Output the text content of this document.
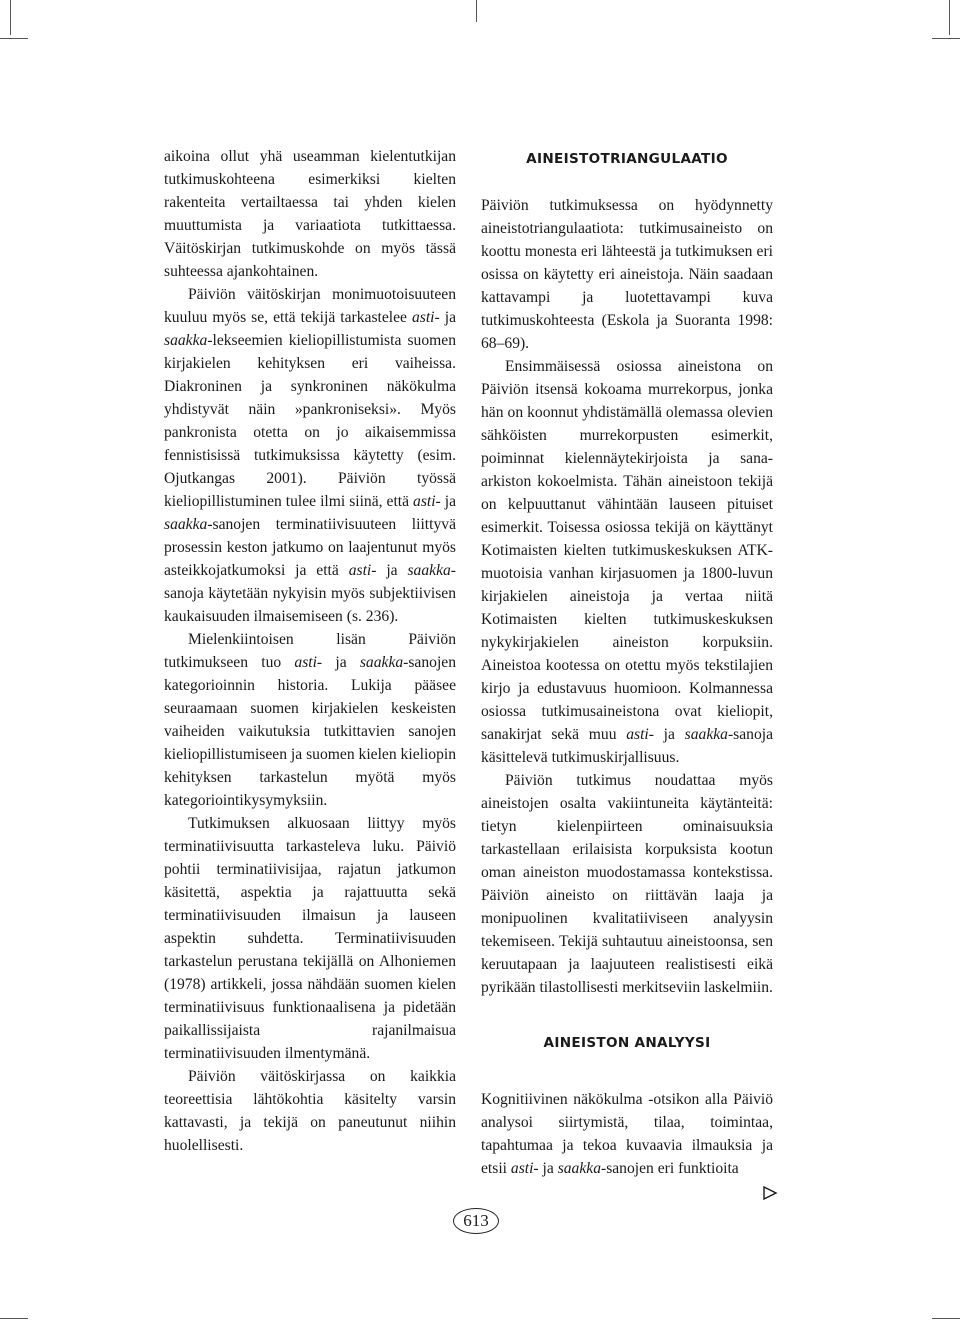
aikoina ollut yhä useamman kielentutkijan tutkimuskohteena esimerkiksi kielten rakenteita vertailtaessa tai yhden kielen muuttumista ja variaatiota tutkittaessa. Väitöskirjan tutkimuskohde on myös tässä suhteessa ajankohtainen.

Päiviön väitöskirjan monimuotoisuuteen kuuluu myös se, että tekijä tarkastelee asti- ja saakka-lekseemien kieliopillistumista suomen kirjakielen kehityksen eri vaiheissa. Diakroninen ja synkroninen näkökulma yhdistyvät näin »pankroniseksi». Myös pankronista otetta on jo aikaisemmissa fennistisissä tutkimuksissa käytetty (esim. Ojutkangas 2001). Päiviön työssä kieliopillistuminen tulee ilmi siinä, että asti- ja saakka-sanojen terminatiivisuuteen liittyvä prosessin keston jatkumo on laajentunut myös asteikkojatkumoksi ja että asti- ja saakka-sanoja käytetään nykyisin myös subjektiivisen kaukaisuuden ilmaisemiseen (s. 236).

Mielenkiintoisen lisän Päiviön tutkimukseen tuo asti- ja saakka-sanojen kategorioinnin historia. Lukija pääsee seuraamaan suomen kirjakielen keskeisten vaiheiden vaikutuksia tutkittavien sanojen kieliopillistumiseen ja suomen kielen kieliopin kehityksen tarkastelun myötä myös kategoriointikysymyksiin.

Tutkimuksen alkuosaan liittyy myös terminatiivisuutta tarkasteleva luku. Päiviö pohtii terminatiivisijaa, rajatun jatkumon käsitettä, aspektia ja rajattuutta sekä terminatiivisuuden ilmaisun ja lauseen aspektin suhdetta. Terminatiivisuuden tarkastelun perustana tekijällä on Alhoniemen (1978) artikkeli, jossa nähdään suomen kielen terminatiivisuus funktionaalisena ja pidetään paikallissijaista rajanilmaisua terminatiivisuuden ilmentymänä.

Päiviön väitöskirjassa on kaikkia teoreettisia lähtökohtia käsitelty varsin kattavasti, ja tekijä on paneutunut niihin huolellisesti.

AINEISTOTRIANGULAATIO

Päiviön tutkimuksessa on hyödynnetty aineistotriangulaatiota: tutkimusaineisto on koottu monesta eri lähteestä ja tutkimuksen eri osissa on käytetty eri aineistoja. Näin saadaan kattavampi ja luotettavampi kuva tutkimuskohteesta (Eskola ja Suoranta 1998: 68–69).

Ensimmäisessä osiossa aineistona on Päiviön itsensä kokoama murrekorpus, jonka hän on koonnut yhdistämällä olemassa olevien sähköisten murrekorpusten esimerkit, poiminnat kielennäytekirjoista ja sana-arkiston kokoelmista. Tähän aineistoon tekijä on kelpuuttanut vähintään lauseen pituiset esimerkit. Toisessa osiossa tekijä on käyttänyt Kotimaisten kielten tutkimuskeskuksen ATK-muotoisia vanhan kirjasuomen ja 1800-luvun kirjakielen aineistoja ja vertaa niitä Kotimaisten kielten tutkimuskeskuksen nykykirjakielen aineiston korpuksiin. Aineistoa kootessa on otettu myös tekstilajien kirjo ja edustavuus huomioon. Kolmannessa osiossa tutkimusaineistona ovat kieliopit, sanakirjat sekä muu asti- ja saakka-sanoja käsittelevä tutkimuskirjallisuus.

Päiviön tutkimus noudattaa myös aineistojen osalta vakiintuneita käytänteitä: tietyn kielenpiirteen ominaisuuksia tarkastellaan erilaisista korpuksista kootun oman aineiston muodostamassa kontekstissa. Päiviön aineisto on riittävän laaja ja monipuolinen kvalitatiiviseen analyysin tekemiseen. Tekijä suhtautuu aineistoonsa, sen keruutapaan ja laajuuteen realistisesti eikä pyrikään tilastollisesti merkitseviin laskelmiin.

AINEISTON ANALYYSI

Kognitiivinen näkökulma -otsikon alla Päiviö analysoi siirtymistä, tilaa, toimintaa, tapahtumaa ja tekoa kuvaavia ilmauksia ja etsii asti- ja saakka-sanojen eri funktioita

613
